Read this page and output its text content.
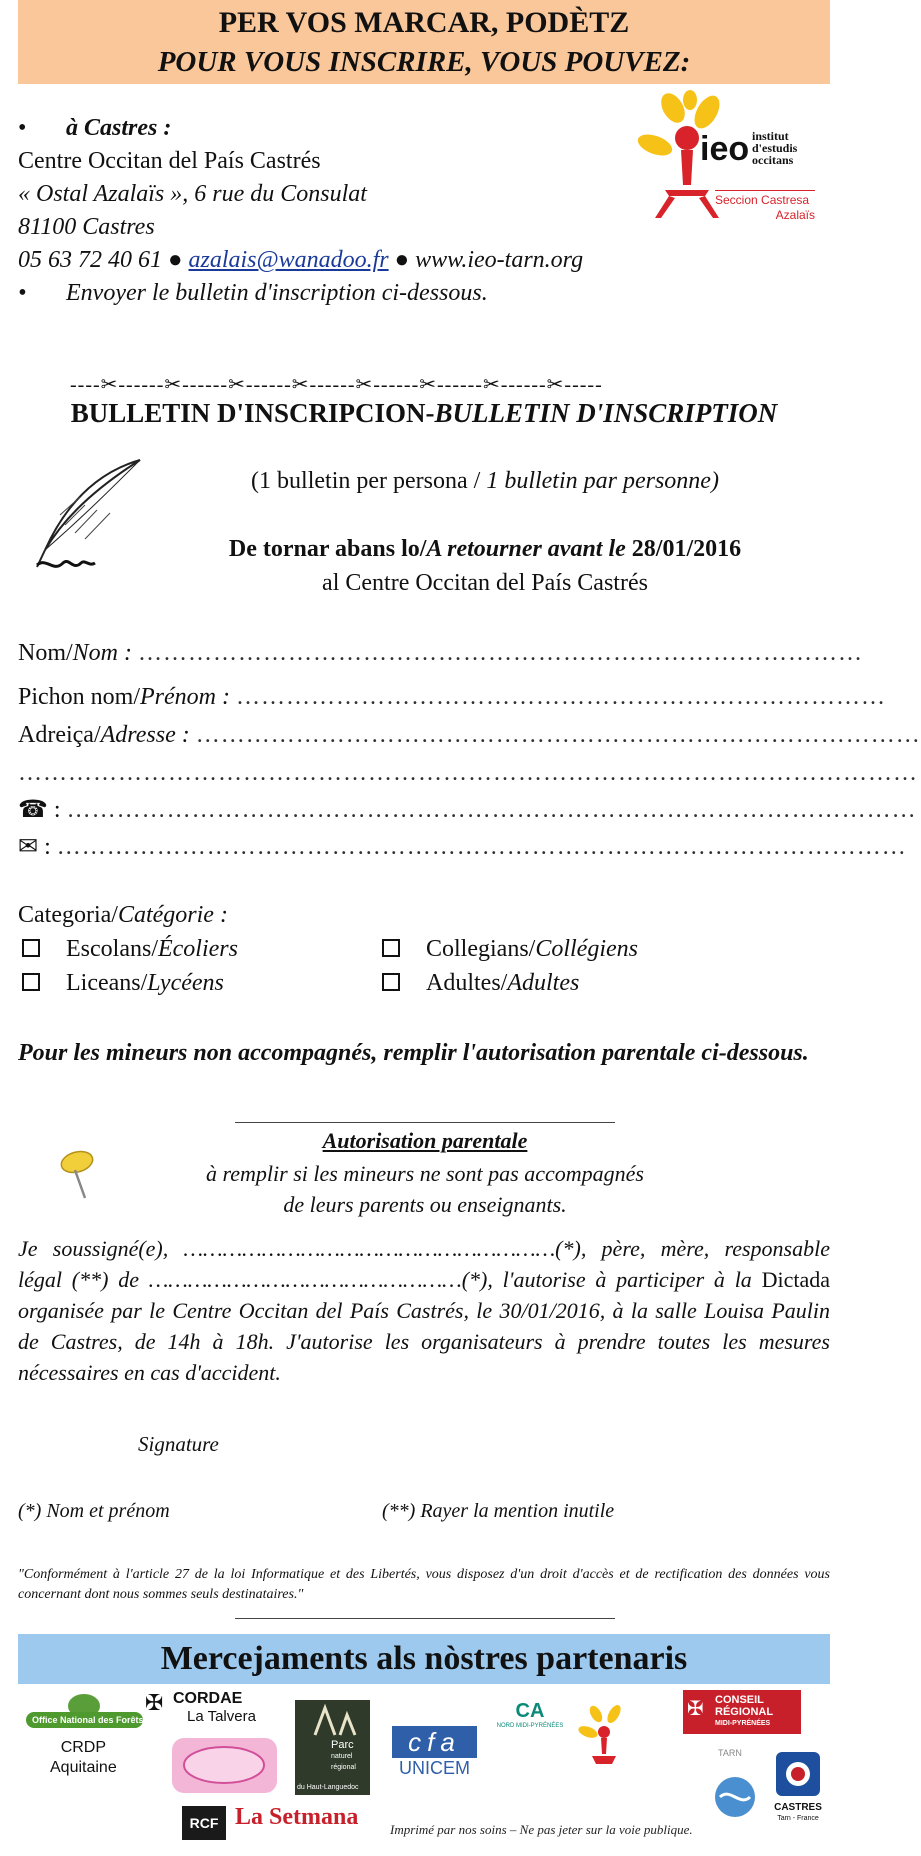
PER VOS MARCAR, PODÈTZ
POUR VOUS INSCRIRE, VOUS POUVEZ:
• à Castres :
Centre Occitan del País Castrés
« Ostal Azalaïs », 6 rue du Consulat
81100 Castres
05 63 72 40 61 ● azalais@wanadoo.fr ● www.ieo-tarn.org
• Envoyer le bulletin d'inscription ci-dessous.
ieo institut
d'estudis
occitans
Seccion Castresa
Azalaïs
----✂------✂------✂------✂------✂------✂------✂------✂-----
BULLETIN D'INSCRIPCION-BULLETIN D'INSCRIPTION
(1 bulletin per persona / 1 bulletin par personne)
De tornar abans lo/A retourner avant le 28/01/2016
al Centre Occitan del País Castrés
Nom/Nom : ……………………………………………………………………………
Pichon nom/Prénom : ……………………………………………………………………
Adreiça/Adresse : ……………………………………………………………………………
………………………………………………………………………………………………
☎ : …………………………………………………………………………………………
✉ : …………………………………………………………………………………………
Categoria/Catégorie :
Escolans/Écoliers	Collegians/Collégiens
Liceans/Lycéens	Adultes/Adultes
Pour les mineurs non accompagnés, remplir l'autorisation parentale ci-dessous.
Autorisation parentale
à remplir si les mineurs ne sont pas accompagnés
de leurs parents ou enseignants.
Je soussigné(e), …………………………………………………(*), père, mère, responsable légal (**) de …………………………………………(*), l'autorise à participer à la Dictada organisée par le Centre Occitan del País Castrés, le 30/01/2016, à la salle Louisa Paulin de Castres, de 14h à 18h. J'autorise les organisateurs à prendre toutes les mesures nécessaires en cas d'accident.
Signature
(*) Nom et prénom	(**) Rayer la mention inutile
"Conformément à l'article 27 de la loi Informatique et des Libertés, vous disposez d'un droit d'accès et de rectification des données vous concernant dont nous sommes seuls destinataires."
Mercejaments als nòstres partenaris
Office National des Forêts
CRDP
Aquitaine
✠ CORDAE
La Talvera
Parc
naturel
régional
du Haut-Languedoc
cfa
UNICEM
CA
NORD MIDI-PYRÉNÉES
✠ CONSEIL
RÉGIONAL
MIDI-PYRÉNÉES
TARN
CASTRES
Tarn - France
RCF La Setmana Imprimé par nos soins – Ne pas jeter sur la voie publique.
